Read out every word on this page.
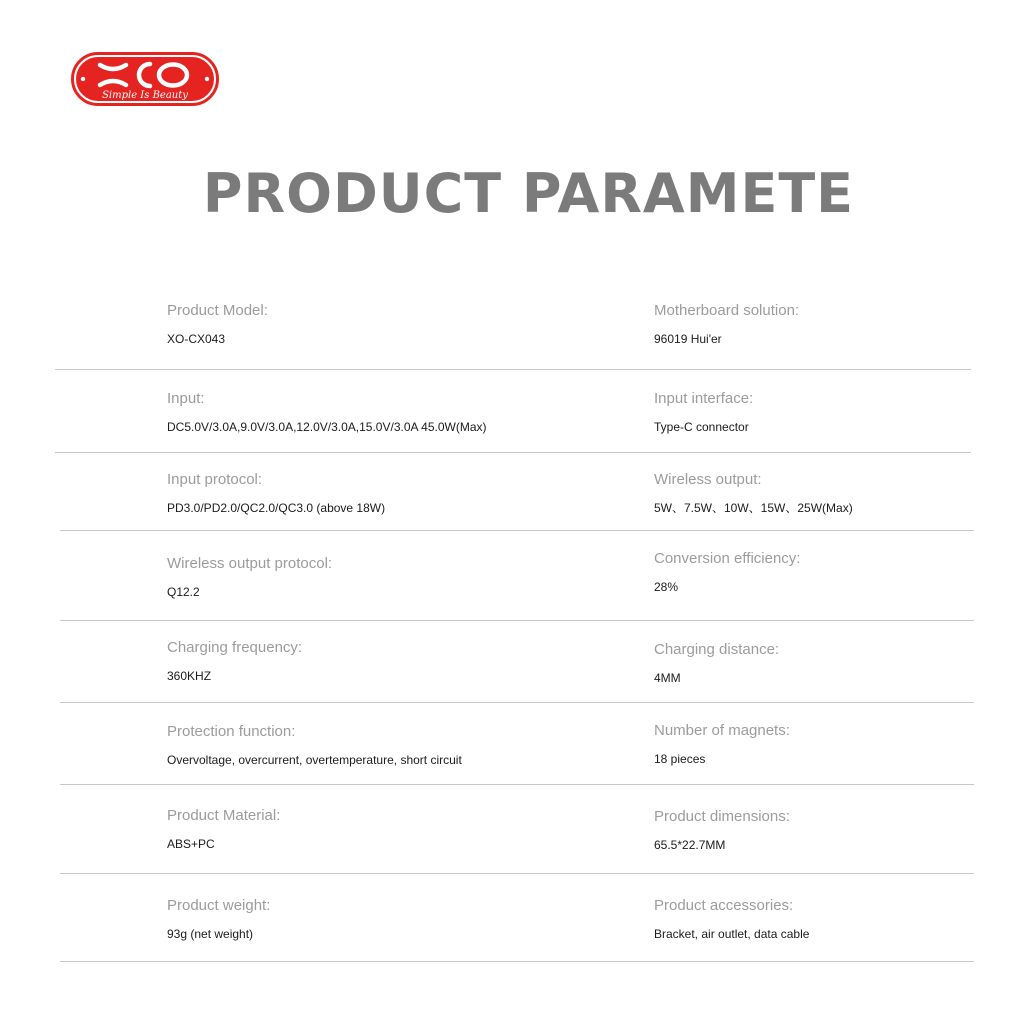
Simple Is Beauty
PRODUCT PARAMETE
Product Model:
XO-CX043
Motherboard solution:
96019 Hui'er
Input:
DC5.0V/3.0A,9.0V/3.0A,12.0V/3.0A,15.0V/3.0A 45.0W(Max)
Input interface:
Type-C connector
Input protocol:
PD3.0/PD2.0/QC2.0/QC3.0 (above 18W)
Wireless output:
5W、7.5W、10W、15W、25W(Max)
Wireless output protocol:
Q12.2
Conversion efficiency:
28%
Charging frequency:
360KHZ
Charging distance:
4MM
Protection function:
Overvoltage, overcurrent, overtemperature, short circuit
Number of magnets:
18 pieces
Product Material:
ABS+PC
Product dimensions:
65.5*22.7MM
Product weight:
93g (net weight)
Product accessories:
Bracket, air outlet, data cable
